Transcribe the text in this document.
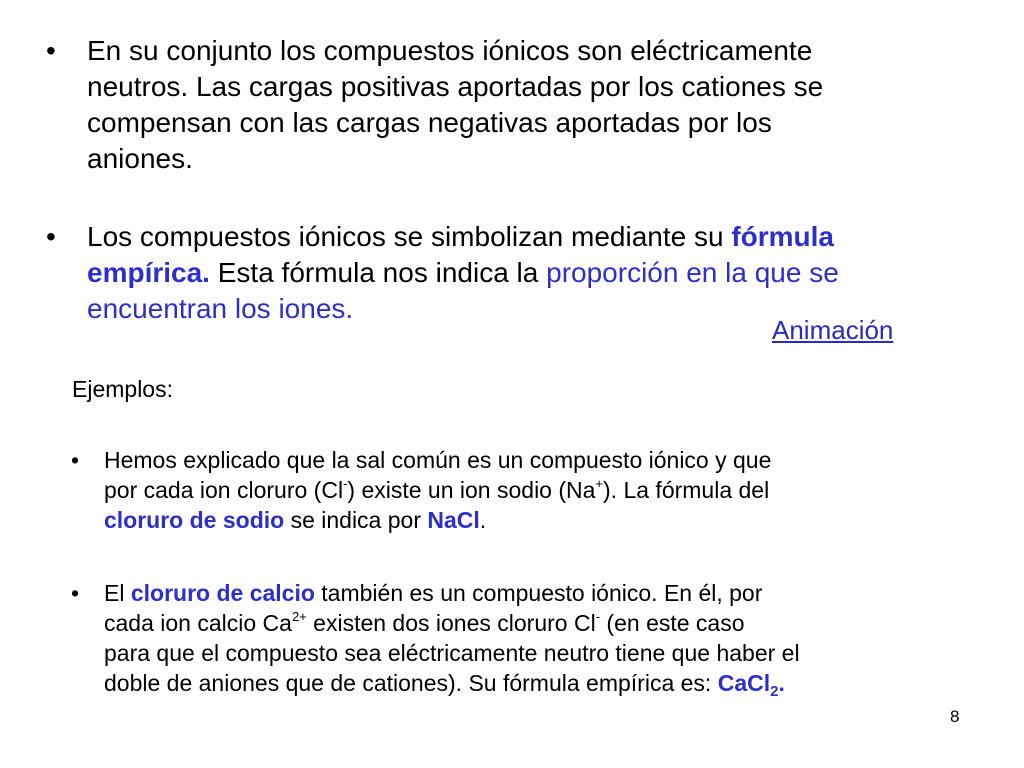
• En su conjunto los compuestos iónicos son eléctricamente
neutros. Las cargas positivas aportadas por los cationes se
compensan con las cargas negativas aportadas por los
aniones.
• Los compuestos iónicos se simbolizan mediante su fórmula
empírica. Esta fórmula nos indica la proporción en la que se
encuentran los iones.
Animación
Ejemplos:
• Hemos explicado que la sal común es un compuesto iónico y que
por cada ion cloruro (Cl-) existe un ion sodio (Na+). La fórmula del
cloruro de sodio se indica por NaCl.
• El cloruro de calcio también es un compuesto iónico. En él, por
cada ion calcio $Ca^{2+}$ existen dos iones cloruro Cl- (en este caso
para que el compuesto sea eléctricamente neutro tiene que haber el
doble de aniones que de cationes). Su fórmula empírica es: CaCl$_2$.
8
